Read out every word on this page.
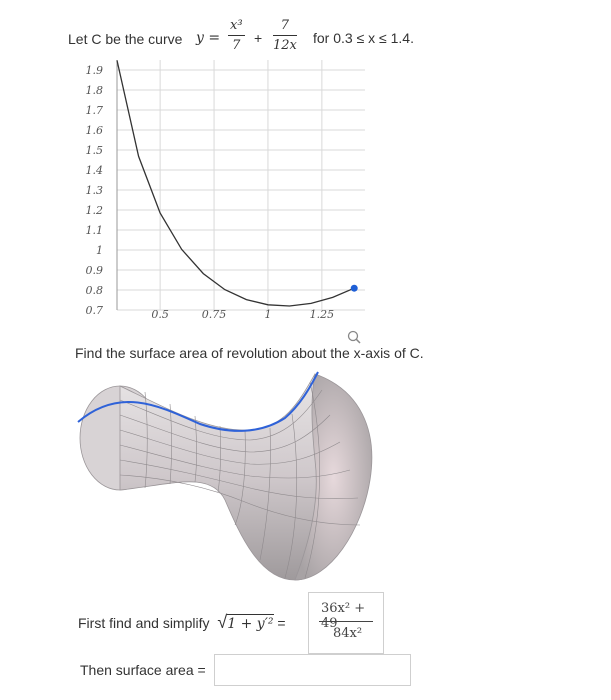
Let C be the curve y =
x³
7 +
7
12x for 0.3 ≤ x ≤ 1.4.
1.9
1.8
1.7
1.6
1.5
1.4
1.3
1.2
1.1
1
0.9
0.8
0.7	0.5	0.75	1	1.25
Find the surface area of revolution about the x-axis of C.
First find and simplify √1 + y′² =
36x² + 49
84x²
Then surface area =
